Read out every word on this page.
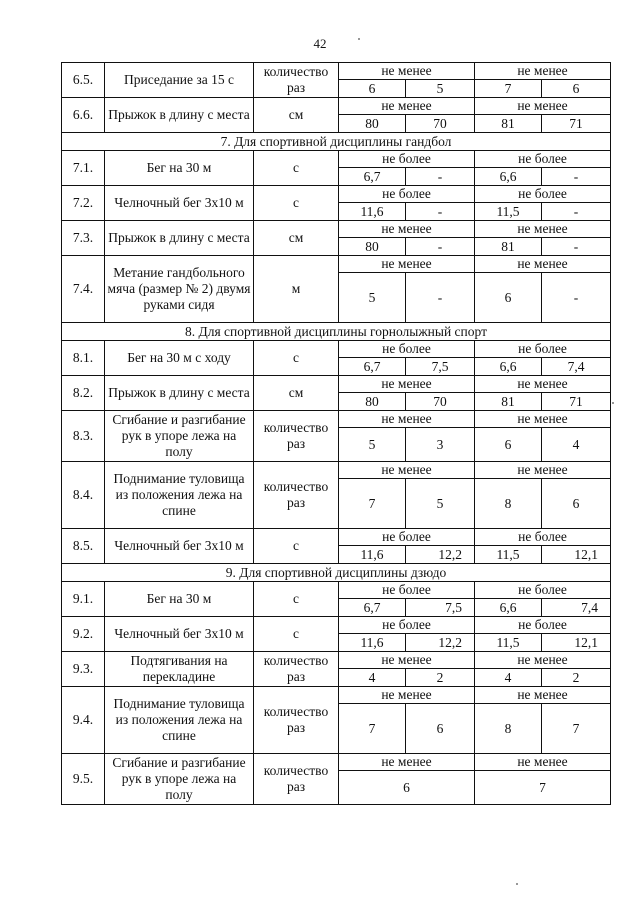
42
6.5.	Приседание за 15 с	количество раз	не менее		не менее	
			6	5	7	6
6.6.	Прыжок в длину с места	см	не менее		не менее	
			80	70	81	71
7. Для спортивной дисциплины гандбол						
7.1.	Бег на 30 м	с	не более		не более	
			6,7	-	6,6	-
7.2.	Челночный бег 3x10 м	с	не более		не более	
			11,6	-	11,5	-
7.3.	Прыжок в длину с места	см	не менее		не менее	
			80	-	81	-
7.4.	Метание гандбольного мяча (размер № 2) двумя руками сидя	м	не менее		не менее	
			5	-	6	-
8. Для спортивной дисциплины горнолыжный спорт						
8.1.	Бег на 30 м с ходу	с	не более		не более	
			6,7	7,5	6,6	7,4
8.2.	Прыжок в длину с места	см	не менее		не менее	
			80	70	81	71
8.3.	Сгибание и разгибание рук в упоре лежа на полу	количество раз	не менее		не менее	
			5	3	6	4
8.4.	Поднимание туловища из положения лежа на спине	количество раз	не менее		не менее	
			7	5	8	6
8.5.	Челночный бег 3x10 м	с	не более		не более	
			11,6	12,2	11,5	12,1
9. Для спортивной дисциплины дзюдо						
9.1.	Бег на 30 м	с	не более		не более	
			6,7	7,5	6,6	7,4
9.2.	Челночный бег 3x10 м	с	не более		не более	
			11,6	12,2	11,5	12,1
9.3.	Подтягивания на перекладине	количество раз	не менее		не менее	
			4	2	4	2
9.4.	Поднимание туловища из положения лежа на спине	количество раз	не менее		не менее	
			7	6	8	7
9.5.	Сгибание и разгибание рук в упоре лежа на полу	количество раз	не менее		не менее	
			6		7	
